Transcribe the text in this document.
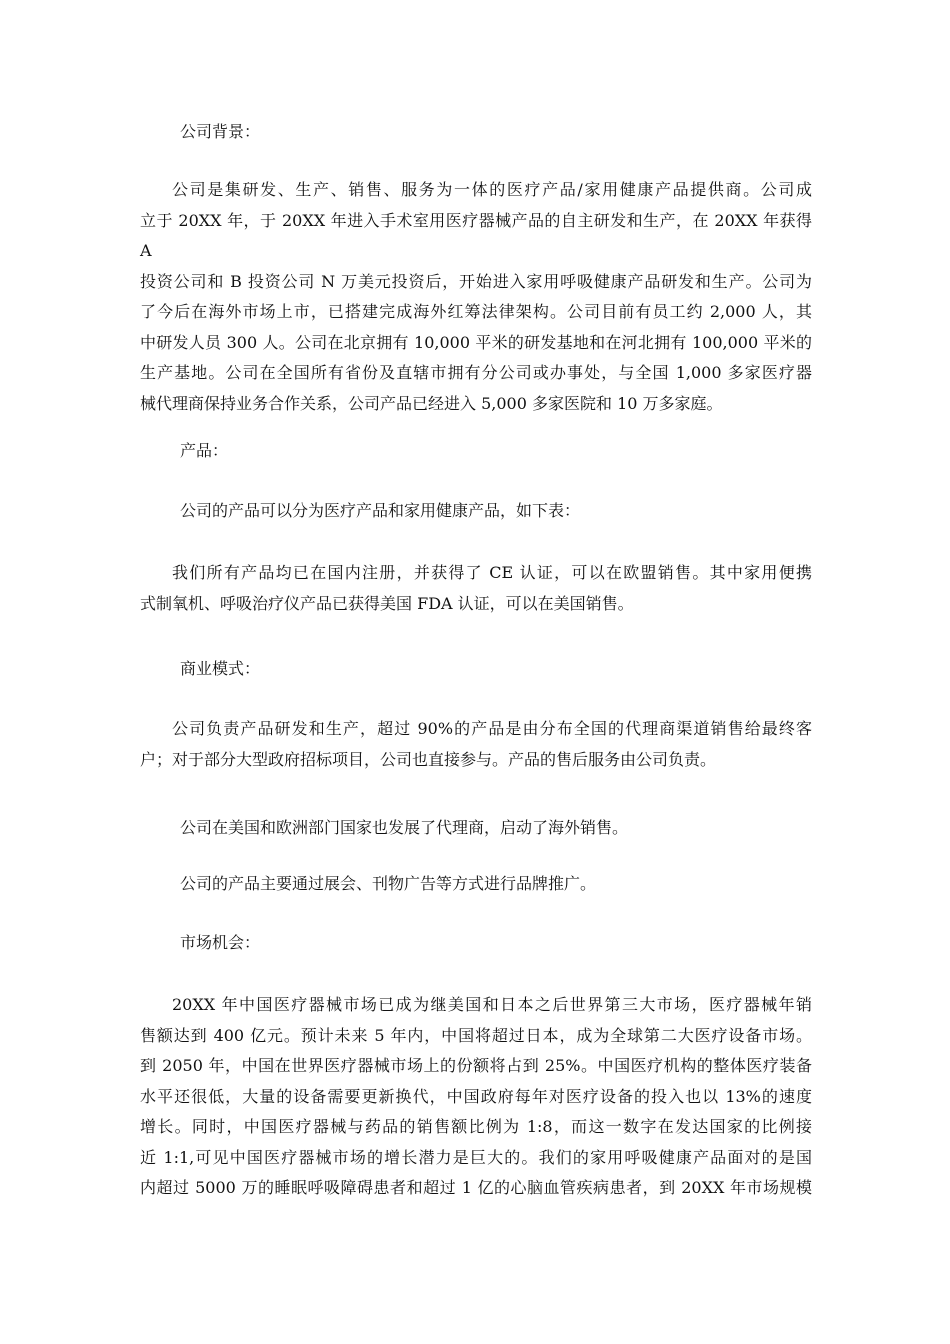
公司背景：

公司是集研发、生产、销售、服务为一体的医疗产品/家用健康产品提供商。公司成
立于 20XX 年，于 20XX 年进入手术室用医疗器械产品的自主研发和生产，在 20XX 年获得 A
投资公司和 B 投资公司 N 万美元投资后，开始进入家用呼吸健康产品研发和生产。公司为
了今后在海外市场上市，已搭建完成海外红筹法律架构。公司目前有员工约 2,000 人，其
中研发人员 300 人。公司在北京拥有 10,000 平米的研发基地和在河北拥有 100,000 平米的
生产基地。公司在全国所有省份及直辖市拥有分公司或办事处，与全国 1,000 多家医疗器
械代理商保持业务合作关系，公司产品已经进入 5,000 多家医院和 10 万多家庭。

产品：

公司的产品可以分为医疗产品和家用健康产品，如下表：

我们所有产品均已在国内注册，并获得了 CE 认证，可以在欧盟销售。其中家用便携
式制氧机、呼吸治疗仪产品已获得美国 FDA 认证，可以在美国销售。

商业模式：

公司负责产品研发和生产，超过 90%的产品是由分布全国的代理商渠道销售给最终客
户；对于部分大型政府招标项目，公司也直接参与。产品的售后服务由公司负责。

公司在美国和欧洲部门国家也发展了代理商，启动了海外销售。

公司的产品主要通过展会、刊物广告等方式进行品牌推广。

市场机会：

20XX 年中国医疗器械市场已成为继美国和日本之后世界第三大市场，医疗器械年销
售额达到 400 亿元。预计未来 5 年内，中国将超过日本，成为全球第二大医疗设备市场。
到 2050 年，中国在世界医疗器械市场上的份额将占到 25%。中国医疗机构的整体医疗装备
水平还很低，大量的设备需要更新换代，中国政府每年对医疗设备的投入也以 13%的速度
增长。同时，中国医疗器械与药品的销售额比例为 1:8，而这一数字在发达国家的比例接
近 1:1,可见中国医疗器械市场的增长潜力是巨大的。我们的家用呼吸健康产品面对的是国
内超过 5000 万的睡眠呼吸障碍患者和超过 1 亿的心脑血管疾病患者，到 20XX 年市场规模
